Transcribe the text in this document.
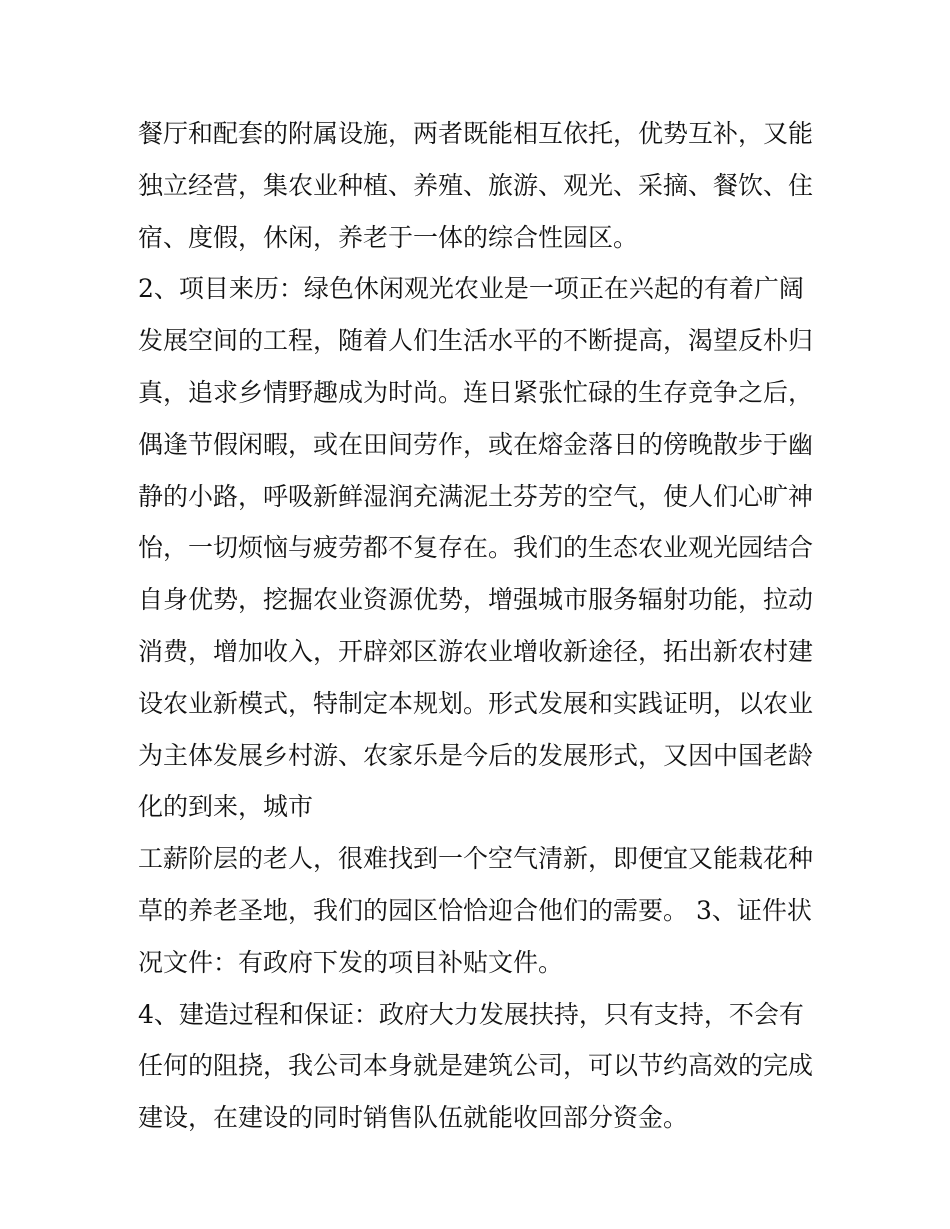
餐厅和配套的附属设施，两者既能相互依托，优势互补，又能
独立经营，集农业种植、养殖、旅游、观光、采摘、餐饮、住
宿、度假，休闲，养老于一体的综合性园区。
2、项目来历：绿色休闲观光农业是一项正在兴起的有着广阔
发展空间的工程，随着人们生活水平的不断提高，渴望反朴归
真，追求乡情野趣成为时尚。连日紧张忙碌的生存竞争之后，
偶逢节假闲暇，或在田间劳作，或在熔金落日的傍晚散步于幽
静的小路，呼吸新鲜湿润充满泥土芬芳的空气，使人们心旷神
怡，一切烦恼与疲劳都不复存在。我们的生态农业观光园结合
自身优势，挖掘农业资源优势，增强城市服务辐射功能，拉动
消费，增加收入，开辟郊区游农业增收新途径，拓出新农村建
设农业新模式，特制定本规划。形式发展和实践证明，以农业
为主体发展乡村游、农家乐是今后的发展形式，又因中国老龄
化的到来，城市
工薪阶层的老人，很难找到一个空气清新，即便宜又能栽花种
草的养老圣地，我们的园区恰恰迎合他们的需要。 3、证件状
况文件：有政府下发的项目补贴文件。
4、建造过程和保证：政府大力发展扶持，只有支持，不会有
任何的阻挠，我公司本身就是建筑公司，可以节约高效的完成
建设，在建设的同时销售队伍就能收回部分资金。
